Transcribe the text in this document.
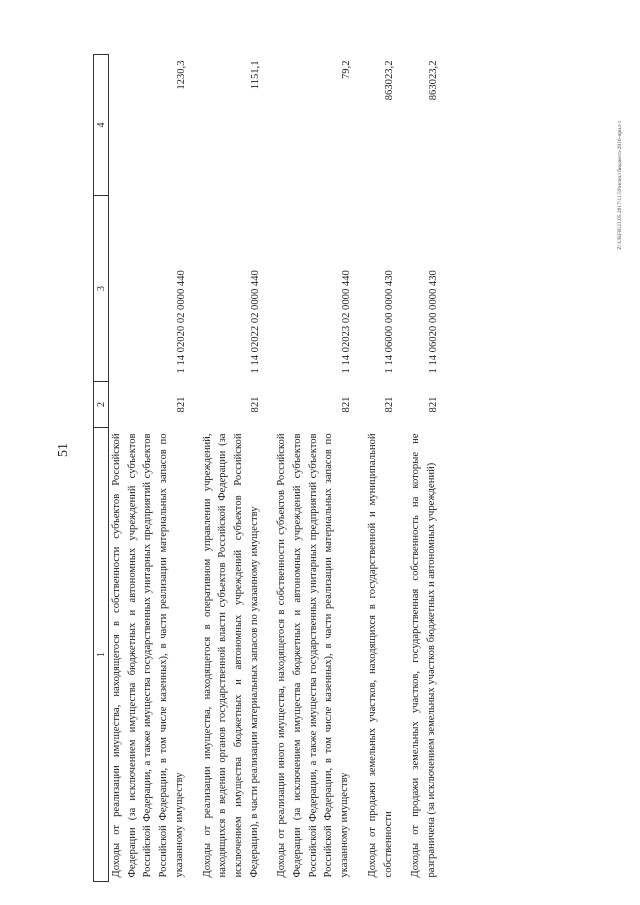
51
Z:\UKFB\23.05.2017\11.59\испол бюджета-2016-прил-1
1	2	3	4
Доходы от реализации имущества, находящегося в собственности субъектов Российской Федерации (за исключением имущества бюджетных и автономных учреждений субъектов Российской Федерации, а также имущества государственных унитарных предприятий субъектов Российской Федерации, в том числе казенных), в части реализации материальных запасов по указанному имуществу	821	1 14 02020 02 0000 440	1230,3
Доходы от реализации имущества, находящегося в оперативном управлении учреждений, находящихся в ведении органов государственной власти субъектов Российской Федерации (за исключением имущества бюджетных и автономных учреждений субъектов Российской Федерации), в части реализации материальных запасов по указанному имуществу	821	1 14 02022 02 0000 440	1151,1
Доходы от реализации иного имущества, находящегося в собственности субъектов Российской Федерации (за исключением имущества бюджетных и автономных учреждений субъектов Российской Федерации, а также имущества государственных унитарных предприятий субъектов Российской Федерации, в том числе казенных), в части реализации материальных запасов по указанному имуществу	821	1 14 02023 02 0000 440	79,2
Доходы от продажи земельных участков, находящихся в государственной и муниципальной собственности	821	1 14 06000 00 0000 430	863023,2
Доходы от продажи земельных участков, государственная собственность на которые не разграничена (за исключением земельных участков бюджетных и автономных учреждений)	821	1 14 06020 00 0000 430	863023,2
